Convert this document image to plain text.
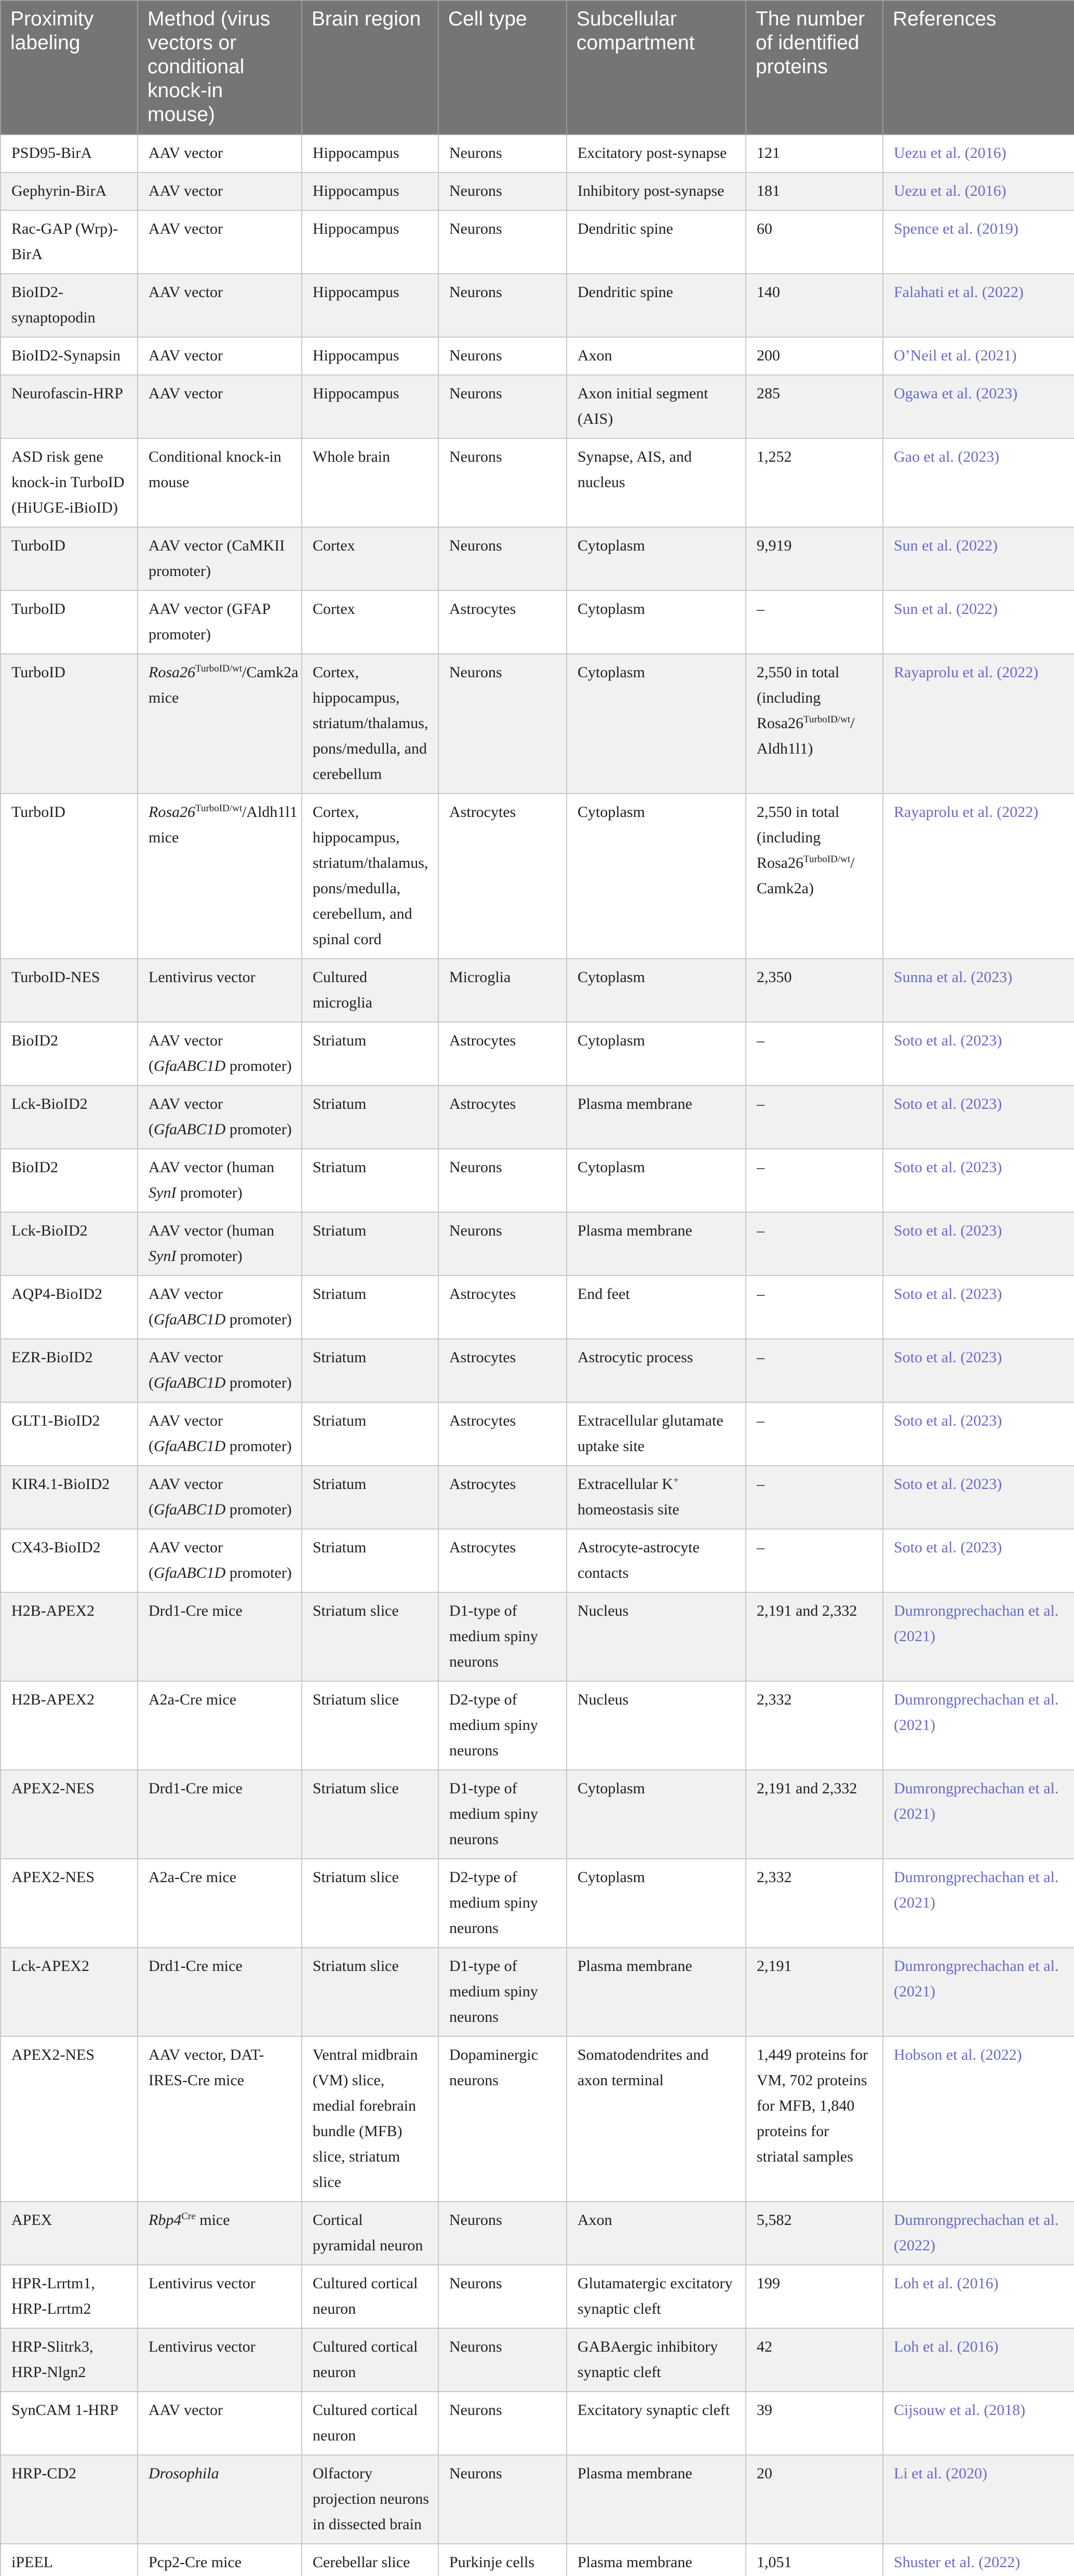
Proximity labeling	Method (virus vectors or conditional knock-in mouse)	Brain region	Cell type	Subcellular compartment	The number of identified proteins	References
PSD95-BirA	AAV vector	Hippocampus	Neurons	Excitatory post-synapse	121	Uezu et al. (2016)
Gephyrin-BirA	AAV vector	Hippocampus	Neurons	Inhibitory post-synapse	181	Uezu et al. (2016)
Rac-GAP (Wrp)-BirA	AAV vector	Hippocampus	Neurons	Dendritic spine	60	Spence et al. (2019)
BioID2-synaptopodin	AAV vector	Hippocampus	Neurons	Dendritic spine	140	Falahati et al. (2022)
BioID2-Synapsin	AAV vector	Hippocampus	Neurons	Axon	200	O’Neil et al. (2021)
Neurofascin-HRP	AAV vector	Hippocampus	Neurons	Axon initial segment (AIS)	285	Ogawa et al. (2023)
ASD risk gene knock-in TurboID (HiUGE-iBioID)	Conditional knock-in mouse	Whole brain	Neurons	Synapse, AIS, and nucleus	1,252	Gao et al. (2023)
TurboID	AAV vector (CaMKII promoter)	Cortex	Neurons	Cytoplasm	9,919	Sun et al. (2022)
TurboID	AAV vector (GFAP promoter)	Cortex	Astrocytes	Cytoplasm	–	Sun et al. (2022)
TurboID	$Rosa26^{TurboID/wt}/Camk2a$ mice	Cortex, hippocampus, striatum/thalamus, pons/medulla, and cerebellum	Neurons	Cytoplasm	2,550 in total (including $Rosa26^{TurboID/wt}/$ Aldh1l1)	Rayaprolu et al. (2022)
TurboID	$Rosa26^{TurboID/wt}/Aldh1l1$ mice	Cortex, hippocampus, striatum/thalamus, pons/medulla, cerebellum, and spinal cord	Astrocytes	Cytoplasm	2,550 in total (including $Rosa26^{TurboID/wt}/$ Camk2a)	Rayaprolu et al. (2022)
TurboID-NES	Lentivirus vector	Cultured microglia	Microglia	Cytoplasm	2,350	Sunna et al. (2023)
BioID2	AAV vector (GfaABC1D promoter)	Striatum	Astrocytes	Cytoplasm	–	Soto et al. (2023)
Lck-BioID2	AAV vector (GfaABC1D promoter)	Striatum	Astrocytes	Plasma membrane	–	Soto et al. (2023)
BioID2	AAV vector (human SynI promoter)	Striatum	Neurons	Cytoplasm	–	Soto et al. (2023)
Lck-BioID2	AAV vector (human SynI promoter)	Striatum	Neurons	Plasma membrane	–	Soto et al. (2023)
AQP4-BioID2	AAV vector (GfaABC1D promoter)	Striatum	Astrocytes	End feet	–	Soto et al. (2023)
EZR-BioID2	AAV vector (GfaABC1D promoter)	Striatum	Astrocytes	Astrocytic process	–	Soto et al. (2023)
GLT1-BioID2	AAV vector (GfaABC1D promoter)	Striatum	Astrocytes	Extracellular glutamate uptake site	–	Soto et al. (2023)
KIR4.1-BioID2	AAV vector (GfaABC1D promoter)	Striatum	Astrocytes	Extracellular K+ homeostasis site	–	Soto et al. (2023)
CX43-BioID2	AAV vector (GfaABC1D promoter)	Striatum	Astrocytes	Astrocyte-astrocyte contacts	–	Soto et al. (2023)
H2B-APEX2	Drd1-Cre mice	Striatum slice	D1-type of medium spiny neurons	Nucleus	2,191 and 2,332	Dumrongprechachan et al. (2021)
H2B-APEX2	A2a-Cre mice	Striatum slice	D2-type of medium spiny neurons	Nucleus	2,332	Dumrongprechachan et al. (2021)
APEX2-NES	Drd1-Cre mice	Striatum slice	D1-type of medium spiny neurons	Cytoplasm	2,191 and 2,332	Dumrongprechachan et al. (2021)
APEX2-NES	A2a-Cre mice	Striatum slice	D2-type of medium spiny neurons	Cytoplasm	2,332	Dumrongprechachan et al. (2021)
Lck-APEX2	Drd1-Cre mice	Striatum slice	D1-type of medium spiny neurons	Plasma membrane	2,191	Dumrongprechachan et al. (2021)
APEX2-NES	AAV vector, DAT-IRES-Cre mice	Ventral midbrain (VM) slice, medial forebrain bundle (MFB) slice, striatum slice	Dopaminergic neurons	Somatodendrites and axon terminal	1,449 proteins for VM, 702 proteins for MFB, 1,840 proteins for striatal samples	Hobson et al. (2022)
APEX	$Rbp4^{Cre}$ mice	Cortical pyramidal neuron	Neurons	Axon	5,582	Dumrongprechachan et al. (2022)
HPR-Lrrtm1, HRP-Lrrtm2	Lentivirus vector	Cultured cortical neuron	Neurons	Glutamatergic excitatory synaptic cleft	199	Loh et al. (2016)
HRP-Slitrk3, HRP-Nlgn2	Lentivirus vector	Cultured cortical neuron	Neurons	GABAergic inhibitory synaptic cleft	42	Loh et al. (2016)
SynCAM 1-HRP	AAV vector	Cultured cortical neuron	Neurons	Excitatory synaptic cleft	39	Cijsouw et al. (2018)
HRP-CD2	Drosophila	Olfactory projection neurons in dissected brain	Neurons	Plasma membrane	20	Li et al. (2020)
iPEEL	Pcp2-Cre mice	Cerebellar slice	Purkinje cells	Plasma membrane	1,051	Shuster et al. (2022)
